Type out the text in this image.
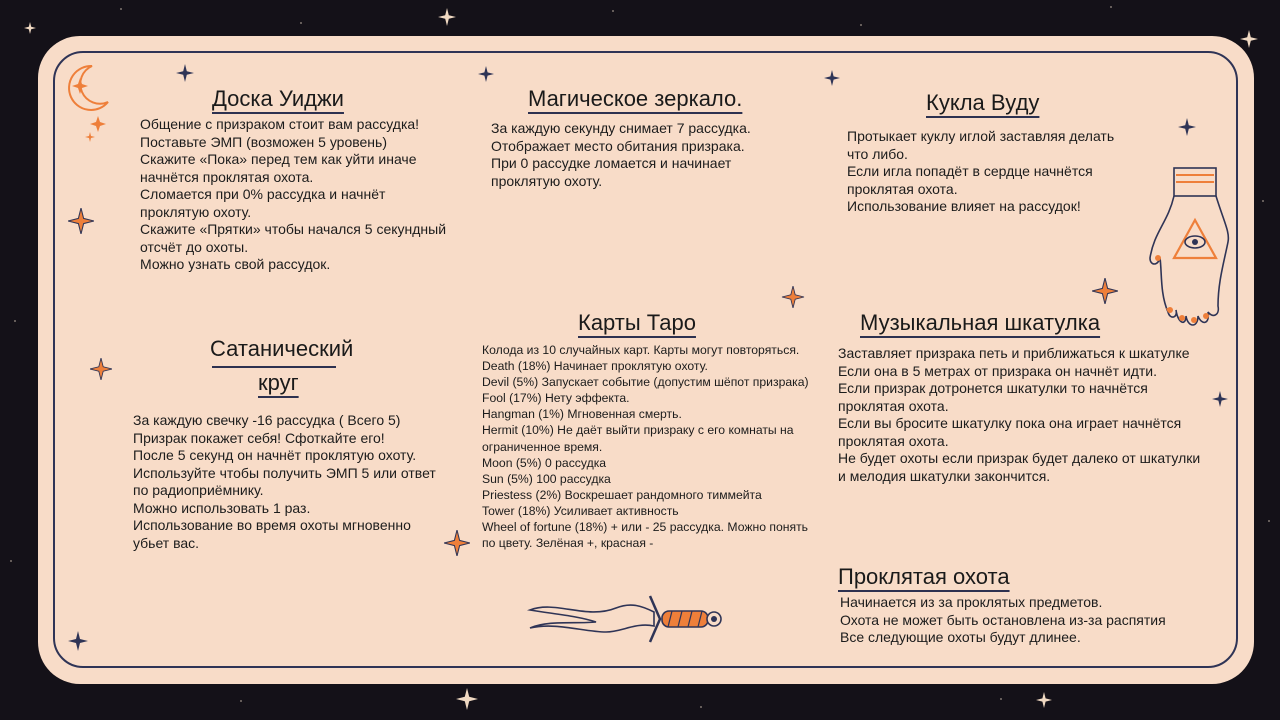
Доска Уиджи
Общение с призраком стоит вам рассудка!
Поставьте ЭМП (возможен 5 уровень)
Скажите «Пока» перед тем как уйти иначе
начнётся проклятая охота.
Сломается при 0% рассудка и начнёт
проклятую охоту.
Скажите «Прятки» чтобы начался 5 секундный
отсчёт до охоты.
Можно узнать свой рассудок.
Магическое зеркало.
За каждую секунду снимает 7 рассудка.
Отображает место обитания призрака.
При 0 рассудке ломается и начинает
проклятую охоту.
Кукла Вуду
Протыкает куклу иглой заставляя делать
что либо.
Если игла попадёт в сердце начнётся
проклятая охота.
Использование влияет на рассудок!
Сатанический
круг
За каждую свечку -16 рассудка ( Всего 5)
Призрак покажет себя! Сфоткайте его!
После 5 секунд он начнёт проклятую охоту.
Используйте чтобы получить ЭМП 5 или ответ
по радиоприёмнику.
Можно использовать 1 раз.
Использование во время охоты мгновенно
убьет вас.
Карты Таро
Колода из 10 случайных карт. Карты могут повторяться.
Death (18%) Начинает проклятую охоту.
Devil (5%) Запускает событие (допустим шёпот призрака)
Fool (17%) Нету эффекта.
Hangman (1%) Мгновенная смерть.
Hermit (10%) Не даёт выйти призраку с его комнаты на
ограниченное время.
Moon (5%) 0 рассудка
Sun (5%) 100 рассудка
Priestess (2%) Воскрешает рандомного тиммейта
Tower (18%) Усиливает активность
Wheel of fortune (18%) + или - 25 рассудка. Можно понять
по цвету. Зелёная +, красная -
Музыкальная шкатулка
Заставляет призрака петь и приближаться к шкатулке
Если она в 5 метрах от призрака он начнёт идти.
Если призрак дотронется шкатулки то начнётся
проклятая охота.
Если вы бросите шкатулку пока она играет начнётся
проклятая охота.
Не будет охоты если призрак будет далеко от шкатулки
и мелодия шкатулки закончится.
Проклятая охота
Начинается из за проклятых предметов.
Охота не может быть остановлена из-за распятия
Все следующие охоты будут длинее.
